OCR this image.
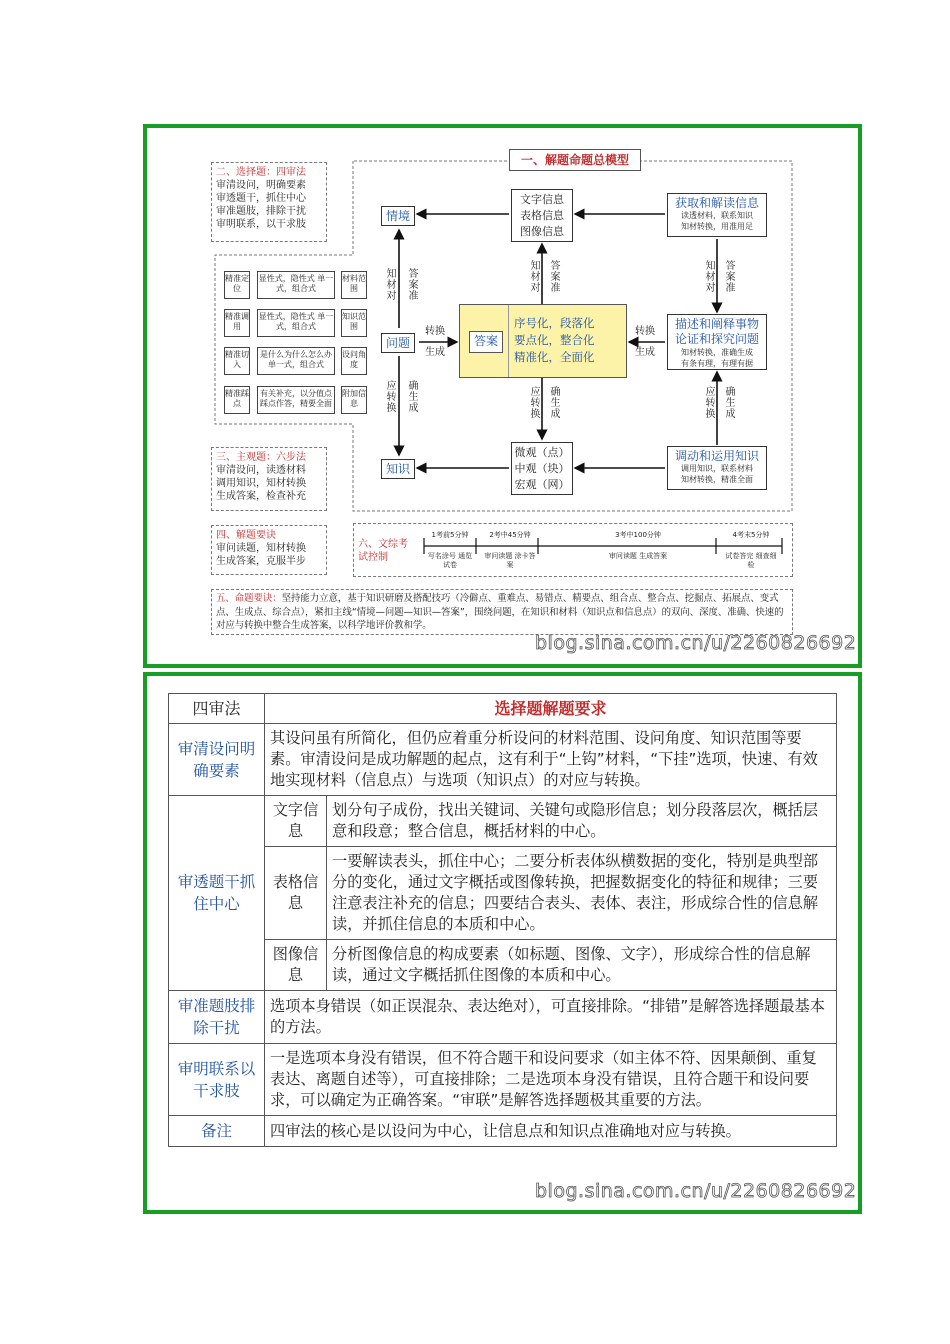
一、解题命题总模型
二、选择题：四审法
审清设问，明确要素
审透题干，抓住中心
审准题肢，排除干扰
审明联系，以干求肢
精准定位
显性式，隐性式 单一式，组合式
材料范围
精准调用
显性式，隐性式 单一式，组合式
知识范围
精准切入
是什么为什么怎么办 单一式，组合式
设问角度
精准踩点
有关补充，以分值点 踩点作答，精要全面
附加信息
三、主观题：六步法
审清设问，读透材料
调用知识，知材转换
生成答案，检查补充
四、解题要诀
审问读题，知材转换
生成答案，克服半步
情境
问题
知识
文字信息
表格信息
图像信息
微观（点）
中观（块）
宏观（网）
答案
序号化，段落化
要点化，整合化
精准化，全面化
获取和解读信息
读透材料，联系知识
知材转换，用准用足
描述和阐释事物
论证和探究问题
知材转换，准确生成
有条有理，有理有据
调动和运用知识
调用知识，联系材料
知材转换，精准全面
知材对 答案准
应转换 确生成
知材对 答案准
应转换 确生成
知材对 答案准
应转换 确生成
转换
生成
转换
生成
六、文综考试控制
1考前5分钟
写名涂号 通览试卷
2考中45分钟
审问读题 涂卡答案
3考中100分钟
审问读题 生成答案
4考末5分钟
试卷答完 细查细检
五、命题要诀：坚持能力立意，基于知识研磨及搭配技巧（冷僻点、重难点、易错点、精要点、组合点、整合点、挖掘点、拓展点、变式点、生成点、综合点），紧扣主线“情境—问题—知识—答案”，围绕问题，在知识和材料（知识点和信息点）的双向、深度、准确、快速的对应与转换中整合生成答案，以科学地评价教和学。
blog.sina.com.cn/u/2260826692
四审法	选择题解题要求	
审清设问明确要素	其设问虽有所简化，但仍应着重分析设问的材料范围、设问角度、知识范围等要素。审清设问是成功解题的起点，这有利于“上钩”材料，“下挂”选项，快速、有效地实现材料（信息点）与选项（知识点）的对应与转换。	
审透题干抓住中心	文字信息	划分句子成份，找出关键词、关键句或隐形信息；划分段落层次，概括层意和段意；整合信息，概括材料的中心。
	表格信息	一要解读表头，抓住中心；二要分析表体纵横数据的变化，特别是典型部分的变化，通过文字概括或图像转换，把握数据变化的特征和规律；三要注意表注补充的信息；四要结合表头、表体、表注，形成综合性的信息解读，并抓住信息的本质和中心。
	图像信息	分析图像信息的构成要素（如标题、图像、文字），形成综合性的信息解读，通过文字概括抓住图像的本质和中心。
审准题肢排除干扰	选项本身错误（如正误混杂、表达绝对），可直接排除。“排错”是解答选择题最基本的方法。	
审明联系以干求肢	一是选项本身没有错误，但不符合题干和设问要求（如主体不符、因果颠倒、重复表达、离题自述等），可直接排除；二是选项本身没有错误，且符合题干和设问要求，可以确定为正确答案。“审联”是解答选择题极其重要的方法。	
备注	四审法的核心是以设问为中心，让信息点和知识点准确地对应与转换。	
blog.sina.com.cn/u/2260826692
